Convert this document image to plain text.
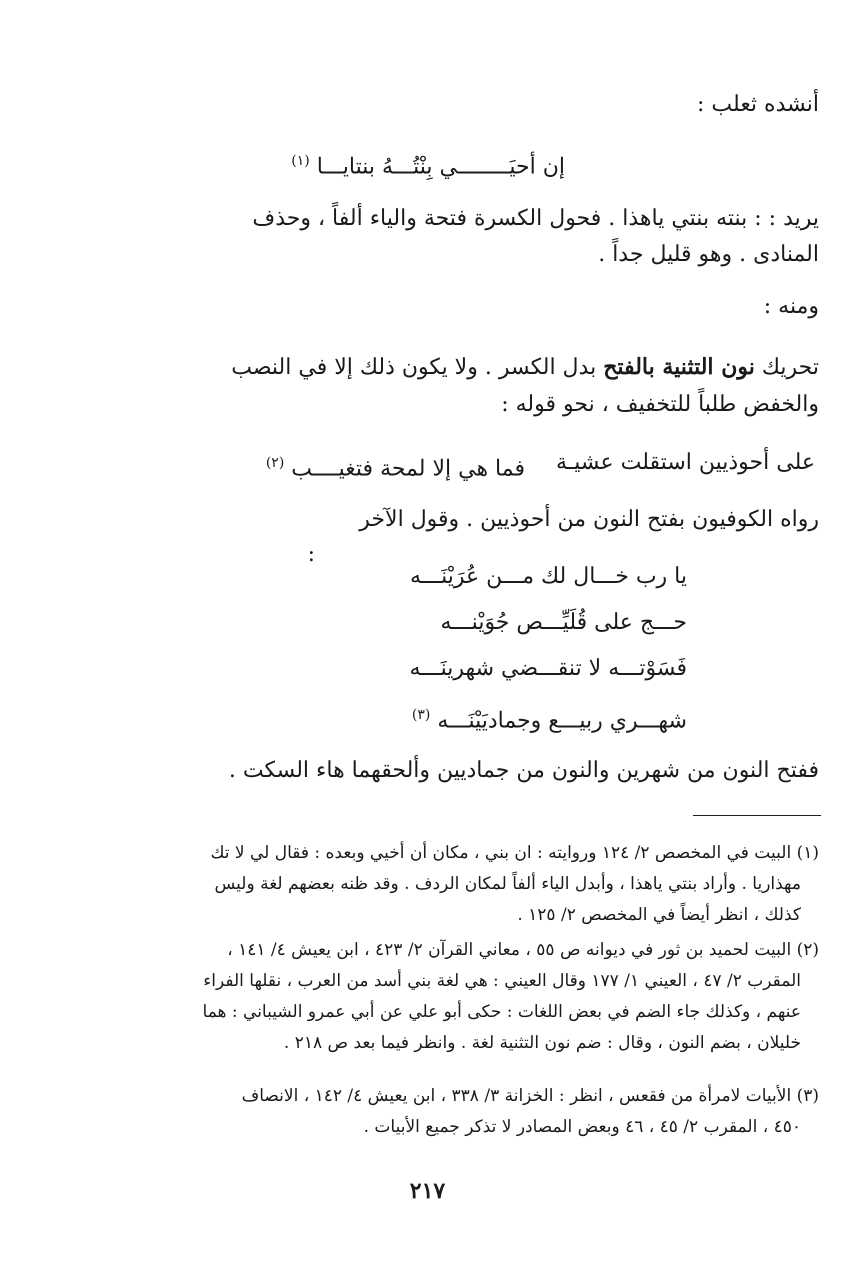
أنشده ثعلب :
إن أحيَــــــــي بِنْتُـــهُ بنتايـــا $^{(١)}$
يريد : : بنته بنتي ياهذا . فحول الكسرة فتحة والياء ألفاً ، وحذف
المنادى . وهو قليل جداً .
ومنه :
تحريك نون التثنية بالفتح بدل الكسر . ولا يكون ذلك إلا في النصب
والخفض طلباً للتخفيف ، نحو قوله :
على أحوذيين استقلت عشيـة
فما هي إلا لمحة فتغيــــب $^{(٢)}$
رواه الكوفيون بفتح النون من أحوذيين . وقول الآخر
:
يا رب خـــال لك مـــن عُرَيْنَـــه
حـــج على قُلَيِّـــص جُوَيْنـــه
فَسَوْتـــه لا تنقـــضي شهرينَـــه
شهـــري ربيـــع وجماديَيْنَـــه $^{(٣)}$
ففتح النون من شهرين والنون من جماديين وألحقهما هاء السكت .
(١) البيت في المخصص ٢/ ١٢٤ وروايته : ان بني ، مكان أن أخيي وبعده : فقال لي لا تك
مهذاريا . وأراد بنتي ياهذا ، وأبدل الياء ألفاً لمكان الردف . وقد ظنه بعضهم لغة وليس
كذلك ، انظر أيضاً في المخصص ٢/ ١٢٥ .
(٢) البيت لحميد بن ثور في ديوانه ص ٥٥ ، معاني القرآن ٢/ ٤٢٣ ، ابن يعيش ٤/ ١٤١ ،
المقرب ٢/ ٤٧ ، العيني ١/ ١٧٧ وقال العيني : هي لغة بني أسد من العرب ، نقلها الفراء
عنهم ، وكذلك جاء الضم في بعض اللغات : حكى أبو علي عن أبي عمرو الشيباني : هما
خليلان ، بضم النون ، وقال : ضم نون التثنية لغة . وانظر فيما بعد ص ٢١٨ .
(٣) الأبيات لامرأة من فقعس ، انظر : الخزانة ٣/ ٣٣٨ ، ابن يعيش ٤/ ١٤٢ ، الانصاف
٤٥٠ ، المقرب ٢/ ٤٥ ، ٤٦ وبعض المصادر لا تذكر جميع الأبيات .
٢١٧
